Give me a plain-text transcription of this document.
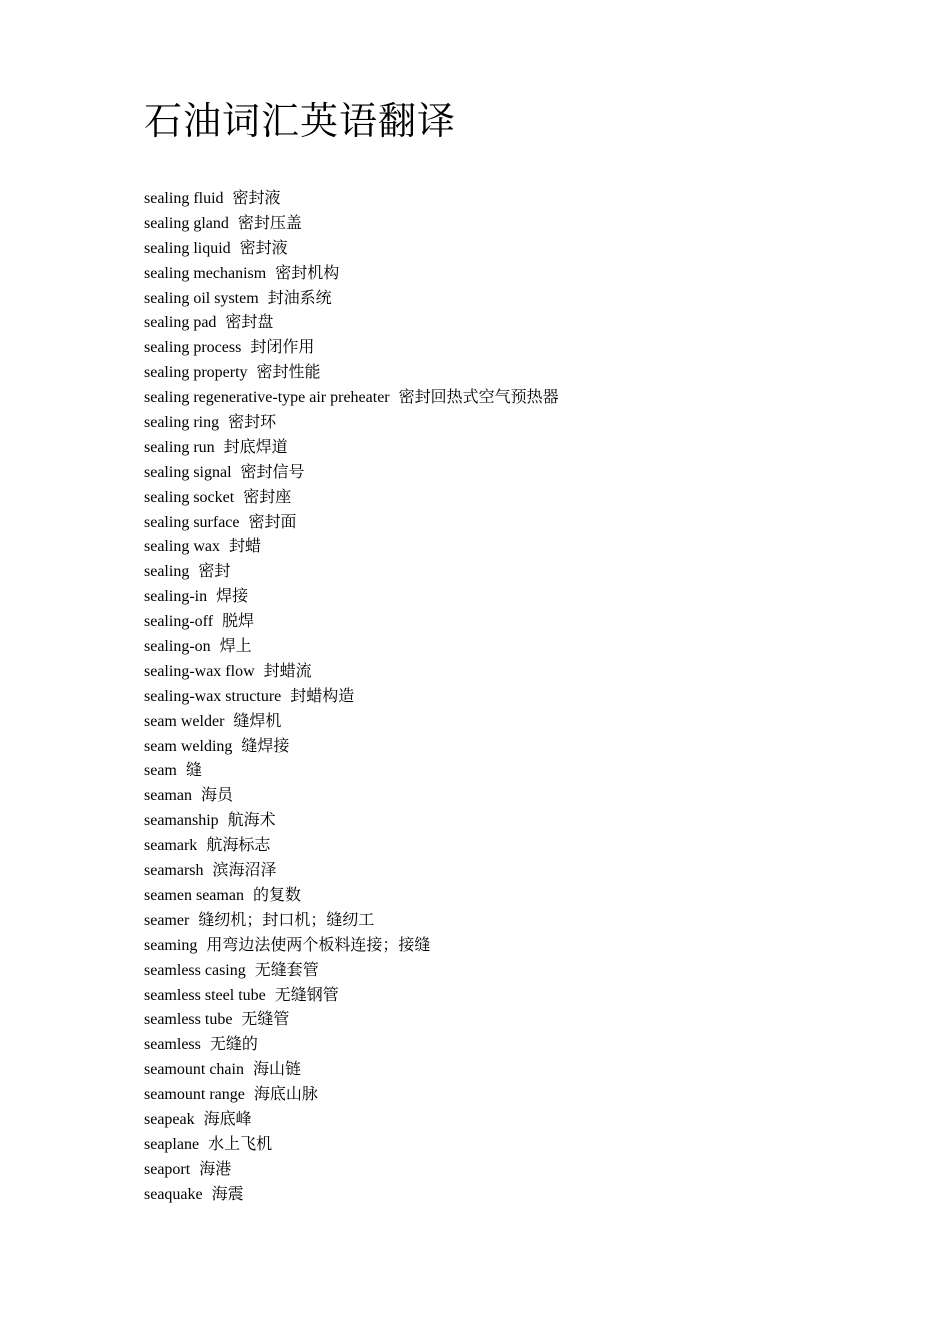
石油词汇英语翻译
sealing fluid 密封液
sealing gland 密封压盖
sealing liquid 密封液
sealing mechanism 密封机构
sealing oil system 封油系统
sealing pad 密封盘
sealing process 封闭作用
sealing property 密封性能
sealing regenerative-type air preheater 密封回热式空气预热器
sealing ring 密封环
sealing run 封底焊道
sealing signal 密封信号
sealing socket 密封座
sealing surface 密封面
sealing wax 封蜡
sealing 密封
sealing-in 焊接
sealing-off 脱焊
sealing-on 焊上
sealing-wax flow 封蜡流
sealing-wax structure 封蜡构造
seam welder 缝焊机
seam welding 缝焊接
seam 缝
seaman 海员
seamanship 航海术
seamark 航海标志
seamarsh 滨海沼泽
seamen seaman 的复数
seamer 缝纫机；封口机；缝纫工
seaming 用弯边法使两个板料连接；接缝
seamless casing 无缝套管
seamless steel tube 无缝钢管
seamless tube 无缝管
seamless 无缝的
seamount chain 海山链
seamount range 海底山脉
seapeak 海底峰
seaplane 水上飞机
seaport 海港
seaquake 海震
